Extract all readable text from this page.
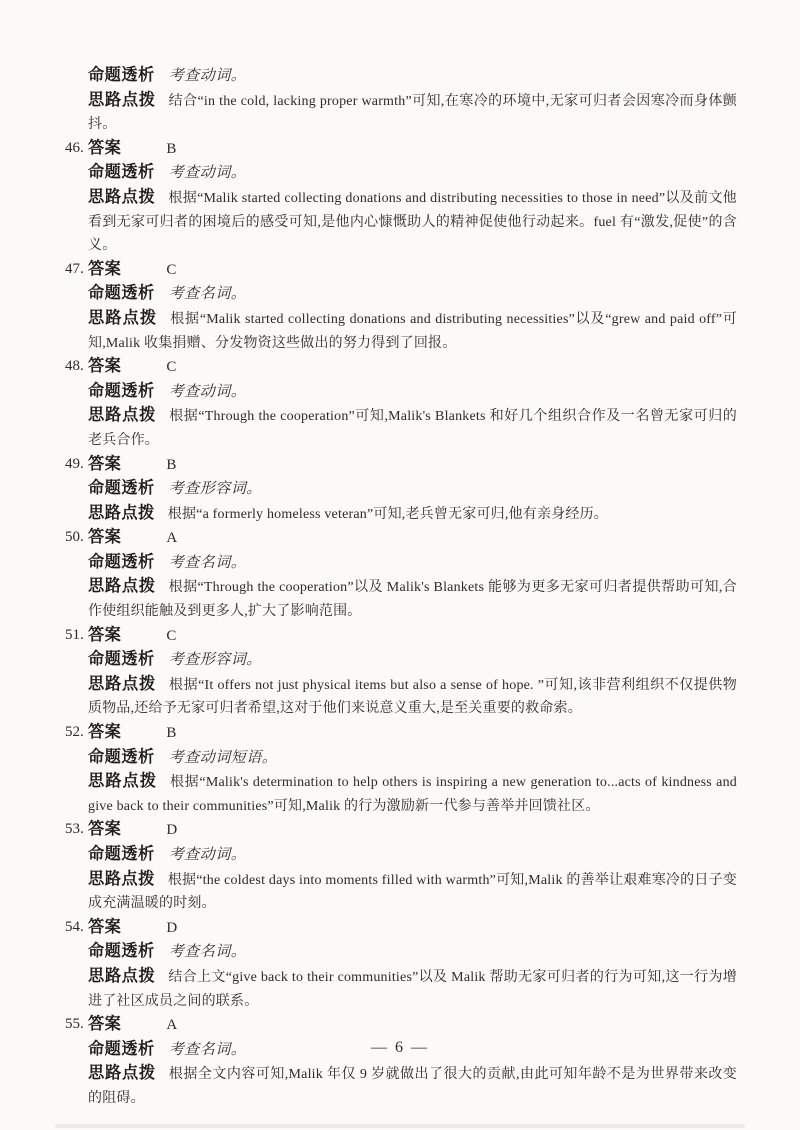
命题透析 考查动词。

思路点拨 结合“in the cold, lacking proper warmth”可知,在寒冷的环境中,无家可归者会因寒冷而身体颤抖。

46. 答案	B
命题透析 考查动词。

思路点拨 根据“Malik started collecting donations and distributing necessities to those in need”以及前文他看到无家可归者的困境后的感受可知,是他内心慷慨助人的精神促使他行动起来。fuel 有“激发,促使”的含义。

47. 答案	C
命题透析 考查名词。

思路点拨 根据“Malik started collecting donations and distributing necessities”以及“grew and paid off”可知,Malik 收集捐赠、分发物资这些做出的努力得到了回报。

48. 答案	C
命题透析 考查动词。

思路点拨 根据“Through the cooperation”可知,Malik's Blankets 和好几个组织合作及一名曾无家可归的老兵合作。

49. 答案	B
命题透析 考查形容词。

思路点拨 根据“a formerly homeless veteran”可知,老兵曾无家可归,他有亲身经历。

50. 答案	A
命题透析 考查名词。

思路点拨 根据“Through the cooperation”以及 Malik's Blankets 能够为更多无家可归者提供帮助可知,合作使组织能触及到更多人,扩大了影响范围。

51. 答案	C
命题透析 考查形容词。

思路点拨 根据“It offers not just physical items but also a sense of hope. ”可知,该非营利组织不仅提供物质物品,还给予无家可归者希望,这对于他们来说意义重大,是至关重要的救命索。

52. 答案	B
命题透析 考查动词短语。

思路点拨 根据“Malik's determination to help others is inspiring a new generation to...acts of kindness and give back to their communities”可知,Malik 的行为激励新一代参与善举并回馈社区。

53. 答案	D
命题透析 考查动词。

思路点拨 根据“the coldest days into moments filled with warmth”可知,Malik 的善举让艰难寒冷的日子变成充满温暖的时刻。

54. 答案	D
命题透析 考查名词。

思路点拨 结合上文“give back to their communities”以及 Malik 帮助无家可归者的行为可知,这一行为增进了社区成员之间的联系。

55. 答案	A
命题透析 考查名词。

思路点拨 根据全文内容可知,Malik 年仅 9 岁就做出了很大的贡献,由此可知年龄不是为世界带来改变的阻碍。

— 6 —
